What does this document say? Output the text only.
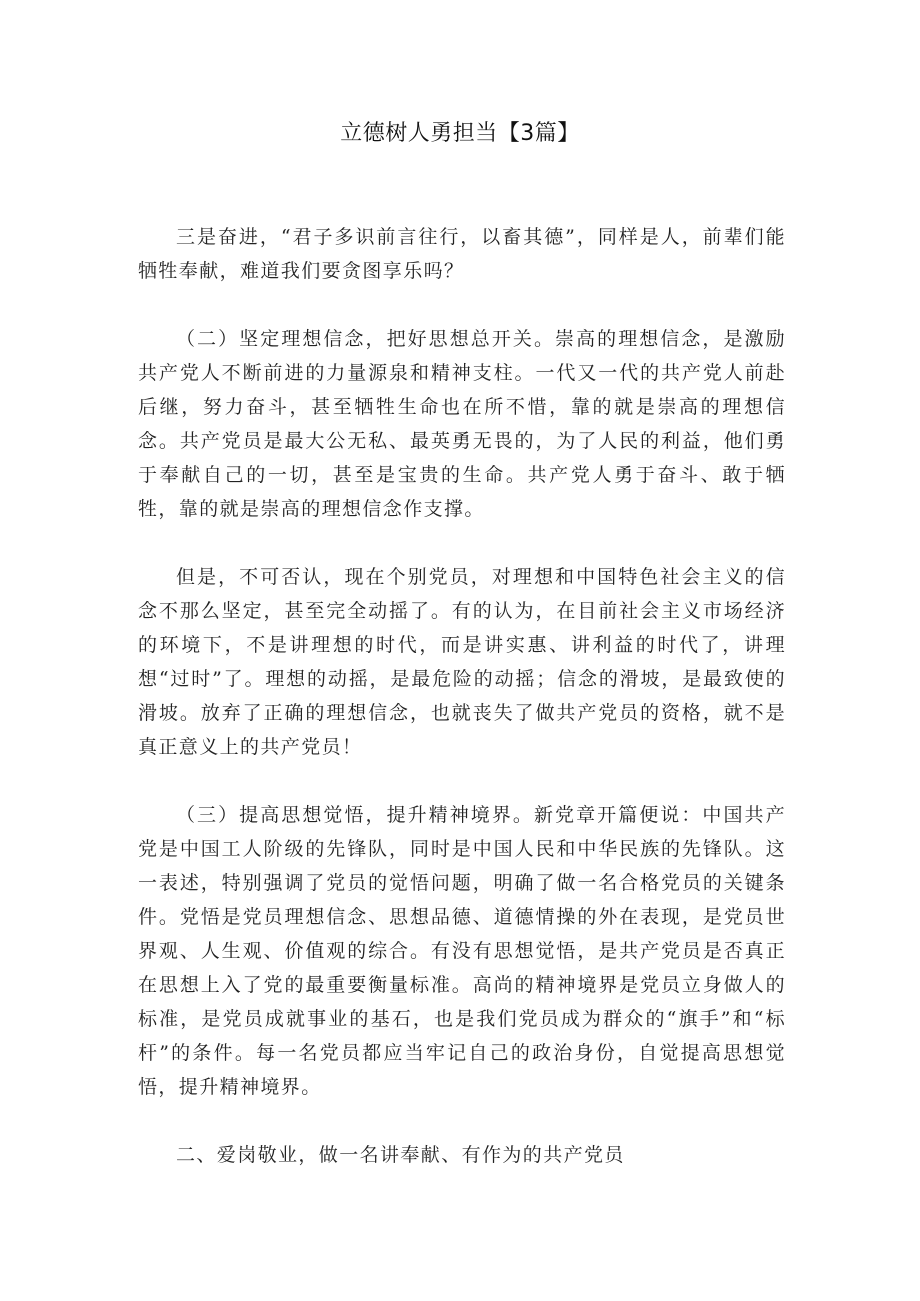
立德树人勇担当【3篇】

三是奋进，“君子多识前言往行，以畜其德”，同样是人，前辈们能牺牲奉献，难道我们要贪图享乐吗？

（二）坚定理想信念，把好思想总开关。崇高的理想信念，是激励共产党人不断前进的力量源泉和精神支柱。一代又一代的共产党人前赴后继，努力奋斗，甚至牺牲生命也在所不惜，靠的就是崇高的理想信念。共产党员是最大公无私、最英勇无畏的，为了人民的利益，他们勇于奉献自己的一切，甚至是宝贵的生命。共产党人勇于奋斗、敢于牺牲，靠的就是崇高的理想信念作支撑。

但是，不可否认，现在个别党员，对理想和中国特色社会主义的信念不那么坚定，甚至完全动摇了。有的认为，在目前社会主义市场经济的环境下，不是讲理想的时代，而是讲实惠、讲利益的时代了，讲理想“过时”了。理想的动摇，是最危险的动摇；信念的滑坡，是最致使的滑坡。放弃了正确的理想信念，也就丧失了做共产党员的资格，就不是真正意义上的共产党员！

（三）提高思想觉悟，提升精神境界。新党章开篇便说：中国共产党是中国工人阶级的先锋队，同时是中国人民和中华民族的先锋队。这一表述，特别强调了党员的觉悟问题，明确了做一名合格党员的关键条件。党悟是党员理想信念、思想品德、道德情操的外在表现，是党员世界观、人生观、价值观的综合。有没有思想觉悟，是共产党员是否真正在思想上入了党的最重要衡量标准。高尚的精神境界是党员立身做人的标准，是党员成就事业的基石，也是我们党员成为群众的“旗手”和“标杆”的条件。每一名党员都应当牢记自己的政治身份，自觉提高思想觉悟，提升精神境界。

二、爱岗敬业，做一名讲奉献、有作为的共产党员
